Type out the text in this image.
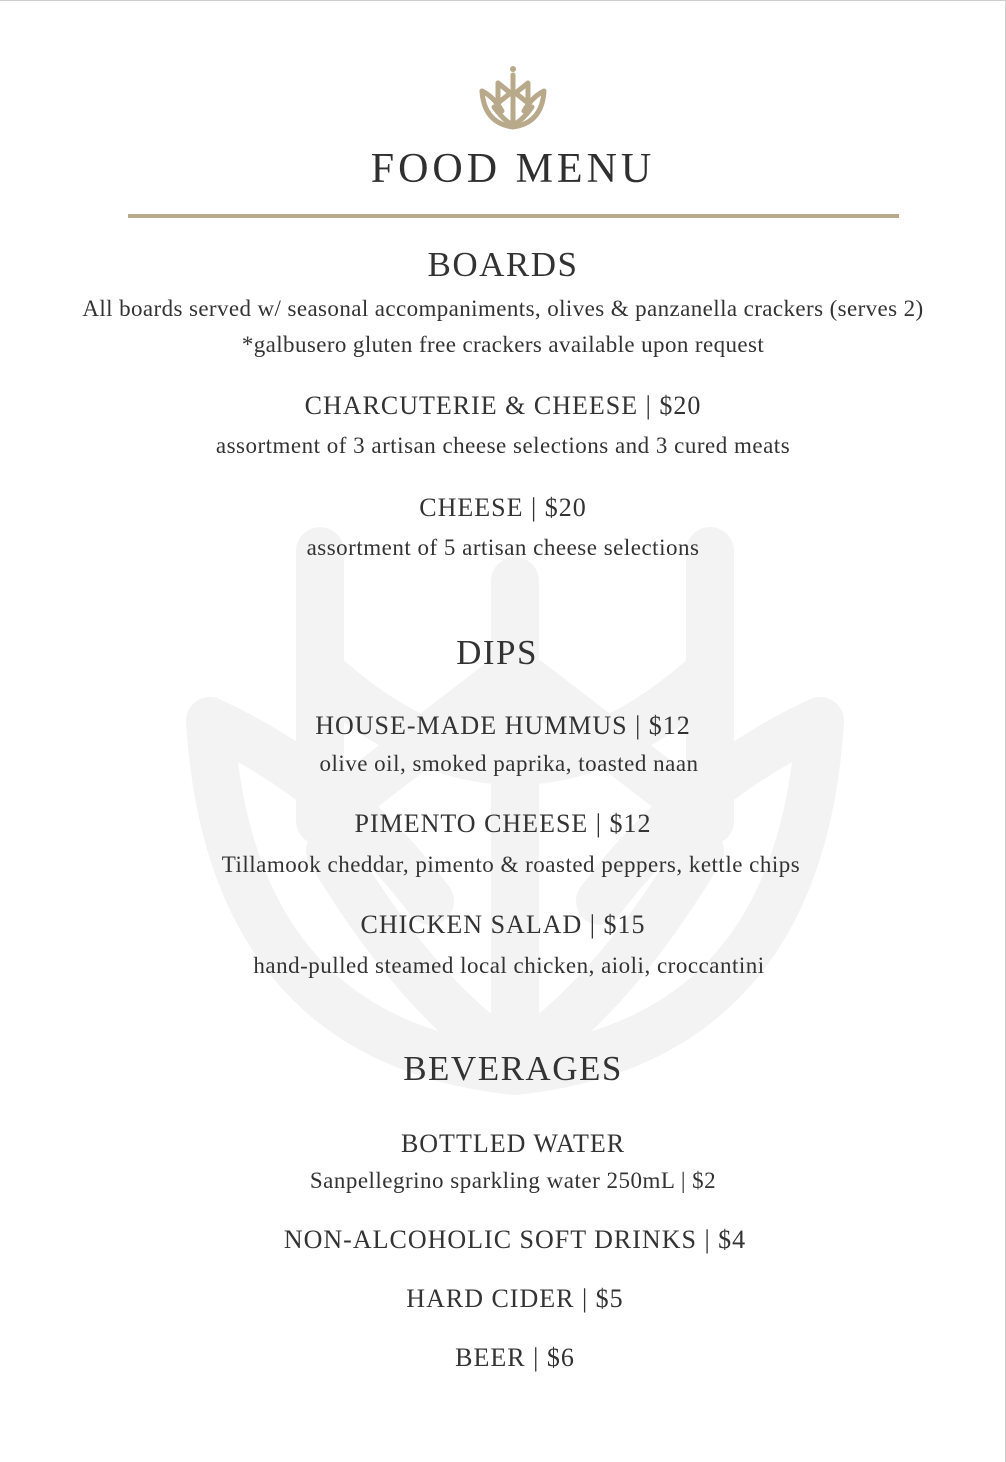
FOOD MENU
BOARDS

All boards served w/ seasonal accompaniments, olives & panzanella crackers (serves 2)

*galbusero gluten free crackers available upon request

CHARCUTERIE & CHEESE | $20

assortment of 3 artisan cheese selections and 3 cured meats

CHEESE | $20

assortment of 5 artisan cheese selections

DIPS

HOUSE-MADE HUMMUS | $12

olive oil, smoked paprika, toasted naan

PIMENTO CHEESE | $12

Tillamook cheddar, pimento & roasted peppers, kettle chips

CHICKEN SALAD | $15

hand-pulled steamed local chicken, aioli, croccantini

BEVERAGES

BOTTLED WATER

Sanpellegrino sparkling water 250mL | $2

NON-ALCOHOLIC SOFT DRINKS | $4

HARD CIDER | $5

BEER | $6
